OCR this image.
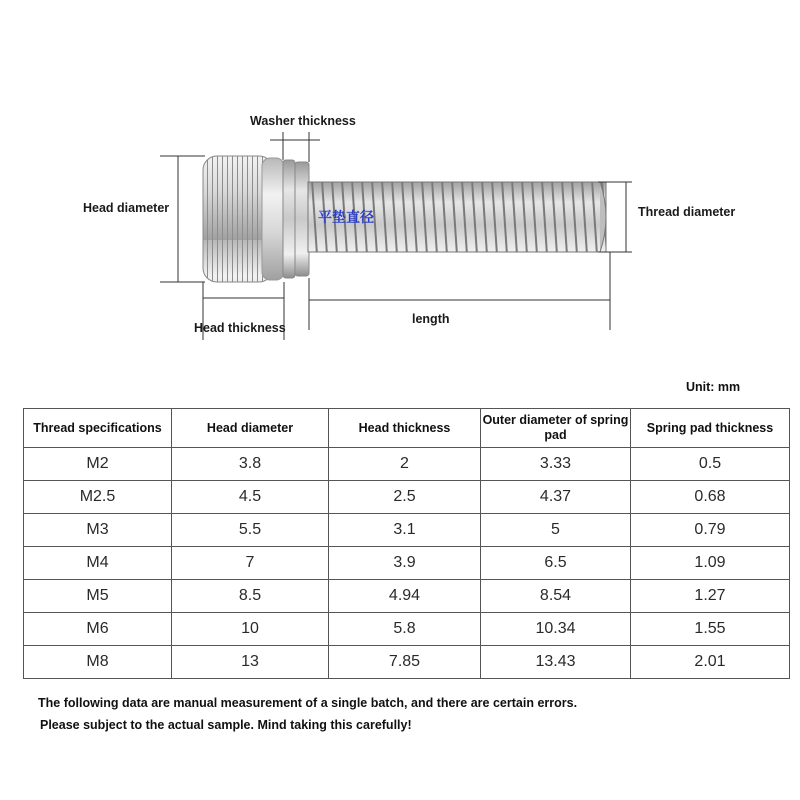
Washer thickness
Head diameter	Thread diameter
Head thickness
length
平垫直径
Unit: mm
Thread specifications	Head diameter	Head thickness	Outer diameter of spring pad	Spring pad thickness
M2	3.8	2	3.33	0.5
M2.5	4.5	2.5	4.37	0.68
M3	5.5	3.1	5	0.79
M4	7	3.9	6.5	1.09
M5	8.5	4.94	8.54	1.27
M6	10	5.8	10.34	1.55
M8	13	7.85	13.43	2.01
The following data are manual measurement of a single batch, and there are certain errors.
Please subject to the actual sample. Mind taking this carefully!
